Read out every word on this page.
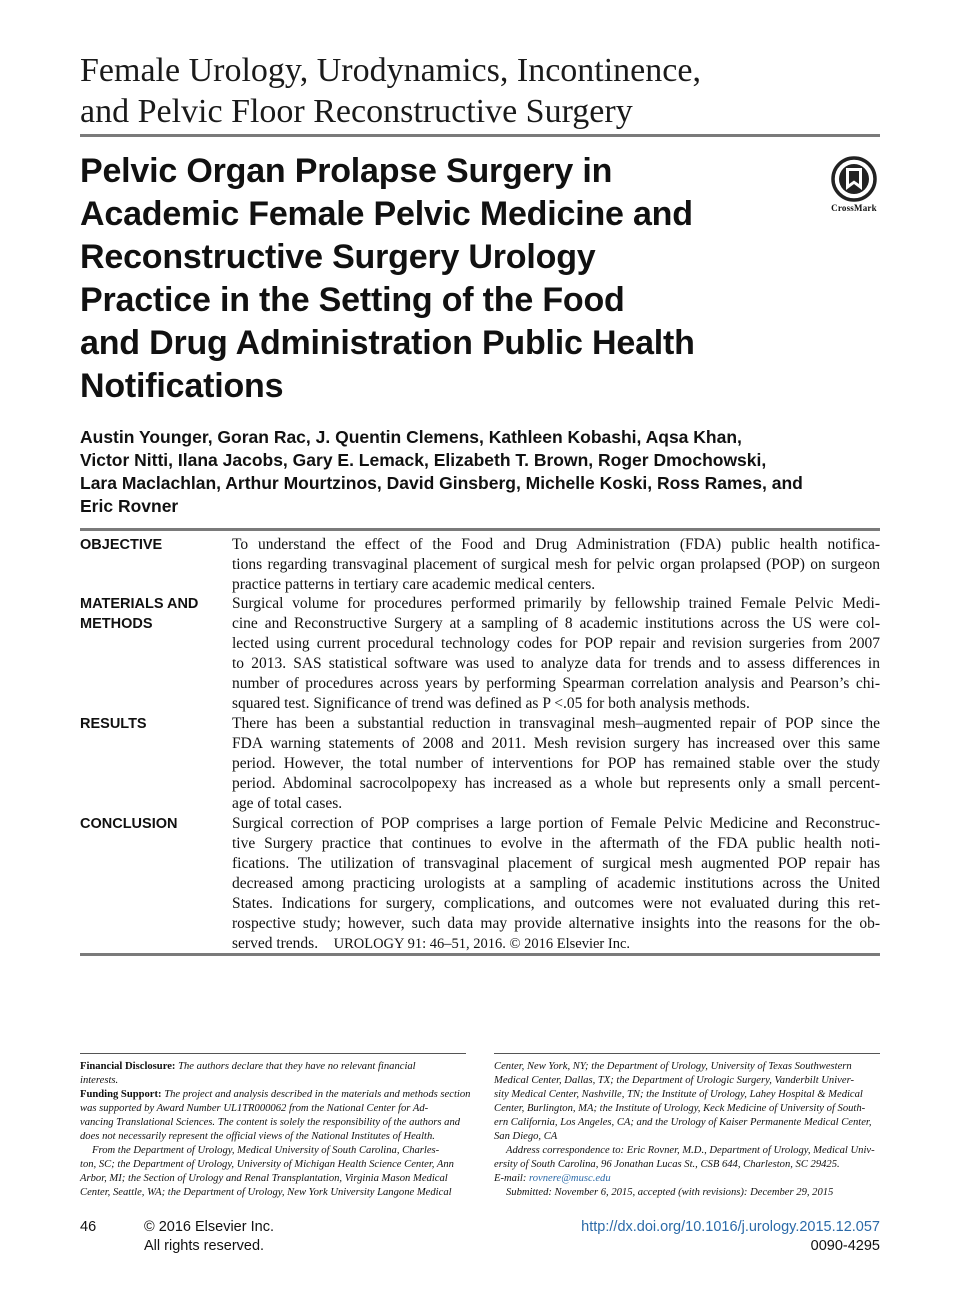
Female Urology, Urodynamics, Incontinence,
and Pelvic Floor Reconstructive Surgery
Pelvic Organ Prolapse Surgery in
Academic Female Pelvic Medicine and
Reconstructive Surgery Urology
Practice in the Setting of the Food
and Drug Administration Public Health
Notifications
CrossMark
Austin Younger, Goran Rac, J. Quentin Clemens, Kathleen Kobashi, Aqsa Khan,
Victor Nitti, Ilana Jacobs, Gary E. Lemack, Elizabeth T. Brown, Roger Dmochowski,
Lara Maclachlan, Arthur Mourtzinos, David Ginsberg, Michelle Koski, Ross Rames, and
Eric Rovner
OBJECTIVE	To understand the effect of the Food and Drug Administration (FDA) public health notifica-
tions regarding transvaginal placement of surgical mesh for pelvic organ prolapsed (POP) on surgeon
practice patterns in tertiary care academic medical centers.
MATERIALS AND
METHODS
Surgical volume for procedures performed primarily by fellowship trained Female Pelvic Medi-
cine and Reconstructive Surgery at a sampling of 8 academic institutions across the US were col-
lected using current procedural technology codes for POP repair and revision surgeries from 2007
to 2013. SAS statistical software was used to analyze data for trends and to assess differences in
number of procedures across years by performing Spearman correlation analysis and Pearson’s chi-
squared test. Significance of trend was defined as P <.05 for both analysis methods.
RESULTS	There has been a substantial reduction in transvaginal mesh–augmented repair of POP since the
FDA warning statements of 2008 and 2011. Mesh revision surgery has increased over this same
period. However, the total number of interventions for POP has remained stable over the study
period. Abdominal sacrocolpopexy has increased as a whole but represents only a small percent-
age of total cases.
CONCLUSION	Surgical correction of POP comprises a large portion of Female Pelvic Medicine and Reconstruc-
tive Surgery practice that continues to evolve in the aftermath of the FDA public health noti-
fications. The utilization of transvaginal placement of surgical mesh augmented POP repair has
decreased among practicing urologists at a sampling of academic institutions across the United
States. Indications for surgery, complications, and outcomes were not evaluated during this ret-
rospective study; however, such data may provide alternative insights into the reasons for the ob-
served trends. UROLOGY 91: 46–51, 2016. © 2016 Elsevier Inc.
Financial Disclosure: The authors declare that they have no relevant financial
interests.
Funding Support: The project and analysis described in the materials and methods section
was supported by Award Number UL1TR000062 from the National Center for Ad-
vancing Translational Sciences. The content is solely the responsibility of the authors and
does not necessarily represent the official views of the National Institutes of Health.
From the Department of Urology, Medical University of South Carolina, Charles-
ton, SC; the Department of Urology, University of Michigan Health Science Center, Ann
Arbor, MI; the Section of Urology and Renal Transplantation, Virginia Mason Medical
Center, Seattle, WA; the Department of Urology, New York University Langone Medical
Center, New York, NY; the Department of Urology, University of Texas Southwestern
Medical Center, Dallas, TX; the Department of Urologic Surgery, Vanderbilt Univer-
sity Medical Center, Nashville, TN; the Institute of Urology, Lahey Hospital & Medical
Center, Burlington, MA; the Institute of Urology, Keck Medicine of University of South-
ern California, Los Angeles, CA; and the Urology of Kaiser Permanente Medical Center,
San Diego, CA
Address correspondence to: Eric Rovner, M.D., Department of Urology, Medical Univ-
ersity of South Carolina, 96 Jonathan Lucas St., CSB 644, Charleston, SC 29425.
E-mail: rovnere@musc.edu
Submitted: November 6, 2015, accepted (with revisions): December 29, 2015
46	© 2016 Elsevier Inc.
All rights reserved.
http://dx.doi.org/10.1016/j.urology.2015.12.057
0090-4295
